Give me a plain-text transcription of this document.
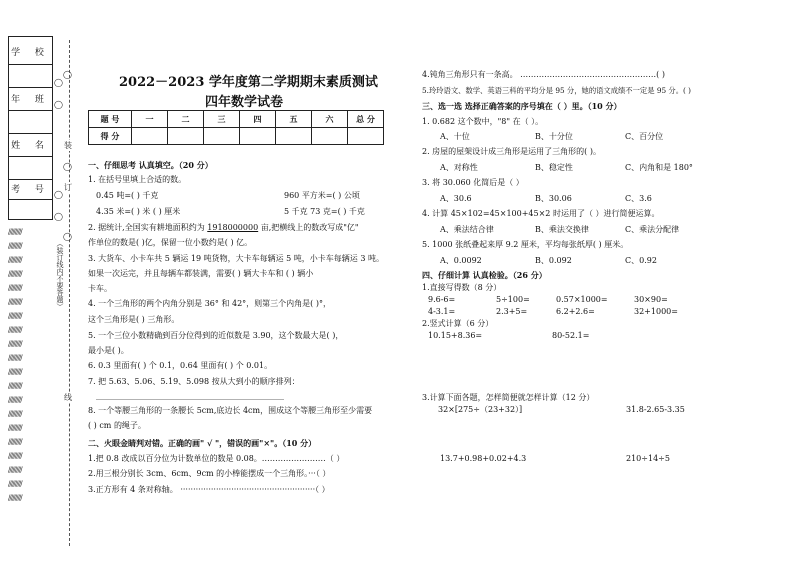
学 校
年 班
姓 名
考 号
//////////
//////////
//////////
//////////
//////////
//////////
//////////
//////////
//////////
//////////
//////////
//////////
//////////
//////////
//////////
//////////
//////////
//////////
//////////
//////////
◯
◯
◯
◯
（装订线内不要答题）
◯
◯
◯
装
订
线
2022－2023 学年度第二学期期末素质测试
四年数学试卷
题 号	一	二	三	四	五	六	总 分
得 分							
一、仔细思考 认真填空。（20 分）
1. 在括号里填上合适的数。
0.45 吨=( ) 千克	960 平方米=( ) 公顷
4.35 米=( ) 米 ( ) 厘米	5 千克 73 克=( ) 千克
2. 据统计,全国实有耕地面积约为 1918000000 亩,把横线上的数改写成"亿"
作单位的数是( )亿，保留一位小数约是( ) 亿。
3. 大货车、小卡车共 5 辆运 19 吨货物，大卡车每辆运 5 吨，小卡车每辆运 3 吨。
如果一次运完，并且每辆车都装满，需要( ) 辆大卡车和 ( ) 辆小
卡车。
4. 一个三角形的两个内角分别是 36° 和 42°，则第三个内角是( )°，
这个三角形是( ) 三角形。
5. 一个三位小数精确到百分位得到的近似数是 3.90，这个数最大是( )，
最小是( )。
6. 0.3 里面有( ) 个 0.1，0.64 里面有( ) 个 0.01。
7. 把 5.63、5.06、5.19、5.098 按从大到小的顺序排列：
_______________________________________________
8. 一个等腰三角形的一条腰长 5cm,底边长 4cm，围成这个等腰三角形至少需要
( ) cm 的绳子。
二、火眼金睛判对错。正确的画" √ "，错误的画"×"。（10 分）
1.把 0.8 改成以百分位为计数单位的数是 0.08。……………………（ ）
2.用三根分别长 3cm、6cm、9cm 的小棒能摆成一个三角形。···（ ）
3.正方形有 4 条对称轴。 ·····················································（ ）
4.钝角三角形只有一条高。 ……………………………………………( )
5.玲玲语文、数学、英语三科的平均分是 95 分，她的语文成绩不一定是 95 分。( )
三、选一选 选择正确答案的序号填在（ ）里。（10 分）
1. 0.682 这个数中，"8" 在（ ）。
A、十位	B、十分位	C、百分位
2. 房屋的屋架设计成三角形是运用了三角形的( )。
A、对称性	B、稳定性	C、内角和是 180°
3. 将 30.060 化简后是（ ）
A、30.6	B、30.06	C、3.6
4. 计算 45×102=45×100+45×2 时运用了（ ）进行简便运算。
A、乘法结合律	B、乘法交换律	C、乘法分配律
5. 1000 张纸叠起来厚 9.2 厘米，平均每张纸厚( ) 厘米。
A、0.0092	B、0.092	C、0.92
四、仔细计算 认真检验。（26 分）
1.直接写得数（8 分）
9.6-6=	5÷100=	0.57×1000=	30×90=
4-3.1=	2.3+5=	6.2+2.6=	32+1000=
2.竖式计算（6 分）
10.15+8.36=	80-52.1=
3.计算下面各题，怎样简便就怎样计算（12 分）
32×[275÷（23+32）]	31.8-2.65-3.35
13.7+0.98+0.02+4.3	210÷14÷5
